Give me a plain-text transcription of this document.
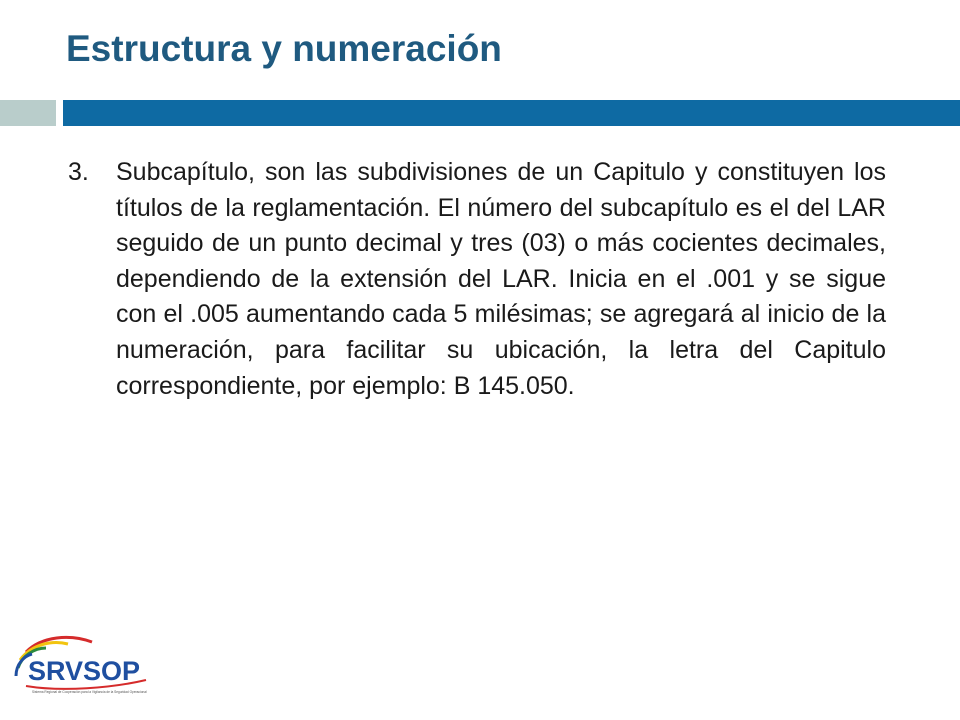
Estructura y numeración
3.	Subcapítulo, son las subdivisiones de un Capitulo y constituyen los títulos de la reglamentación. El número del subcapítulo es el del LAR seguido de un punto decimal y tres (03) o más cocientes decimales, dependiendo de la extensión del LAR. Inicia en el .001 y se sigue con el .005 aumentando cada 5 milésimas; se agregará al inicio de la numeración, para facilitar su ubicación, la letra del Capitulo correspondiente, por ejemplo: B 145.050.
SRVSOP
Sistema Regional de Cooperación para la Vigilancia de la Seguridad Operacional
